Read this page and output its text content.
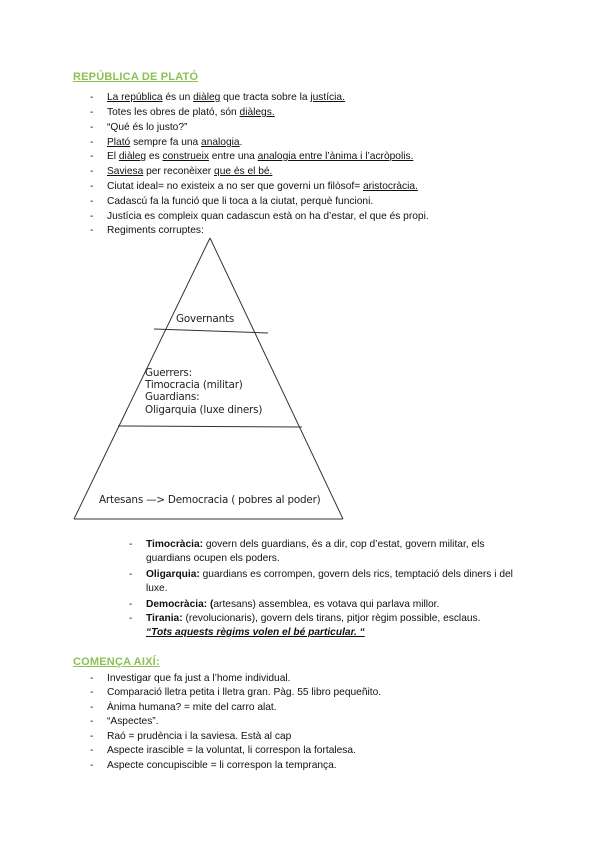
REPÚBLICA DE PLATÓ
- La república és un diàleg que tracta sobre la justícia.
- Totes les obres de plató, són diàlegs.
- “Qué és lo justo?”
- Plató sempre fa una analogia.
- El diàleg es construeix entre una analogia entre l’ànima i l’acròpolis.
- Saviesa per reconèixer que és el bé.
- Ciutat ideal= no existeix a no ser que governi un filòsof= aristocràcia.
- Cadascú fa la funció que li toca a la ciutat, perquè funcioni.
- Justícia es compleix quan cadascun està on ha d’estar, el que és propi.
- Regiments corruptes:
Governants
Guerrers:
Timocracia (militar)
Guardians:
Oligarquia (luxe diners)
Artesans —> Democracia ( pobres al poder)
- Timocràcia: govern dels guardians, és a dir, cop d’estat, govern militar, els guardians ocupen els poders.
- Oligarquia: guardians es corrompen, govern dels rics, temptació dels diners i del luxe.
- Democràcia: (artesans) assemblea, es votava qui parlava millor.
- Tirania: (revolucionaris), govern dels tirans, pitjor règim possible, esclaus.
“Tots aquests règims volen el bé particular. “
COMENÇA AIXÍ:
- Investigar que fa just a l’home individual.
- Comparació lletra petita i lletra gran. Pàg. 55 libro pequeñito.
- Ànima humana? = mite del carro alat.
- “Aspectes”.
- Raó = prudència i la saviesa. Està al cap
- Aspecte irascible = la voluntat, li correspon la fortalesa.
- Aspecte concupiscible = li correspon la temprança.
